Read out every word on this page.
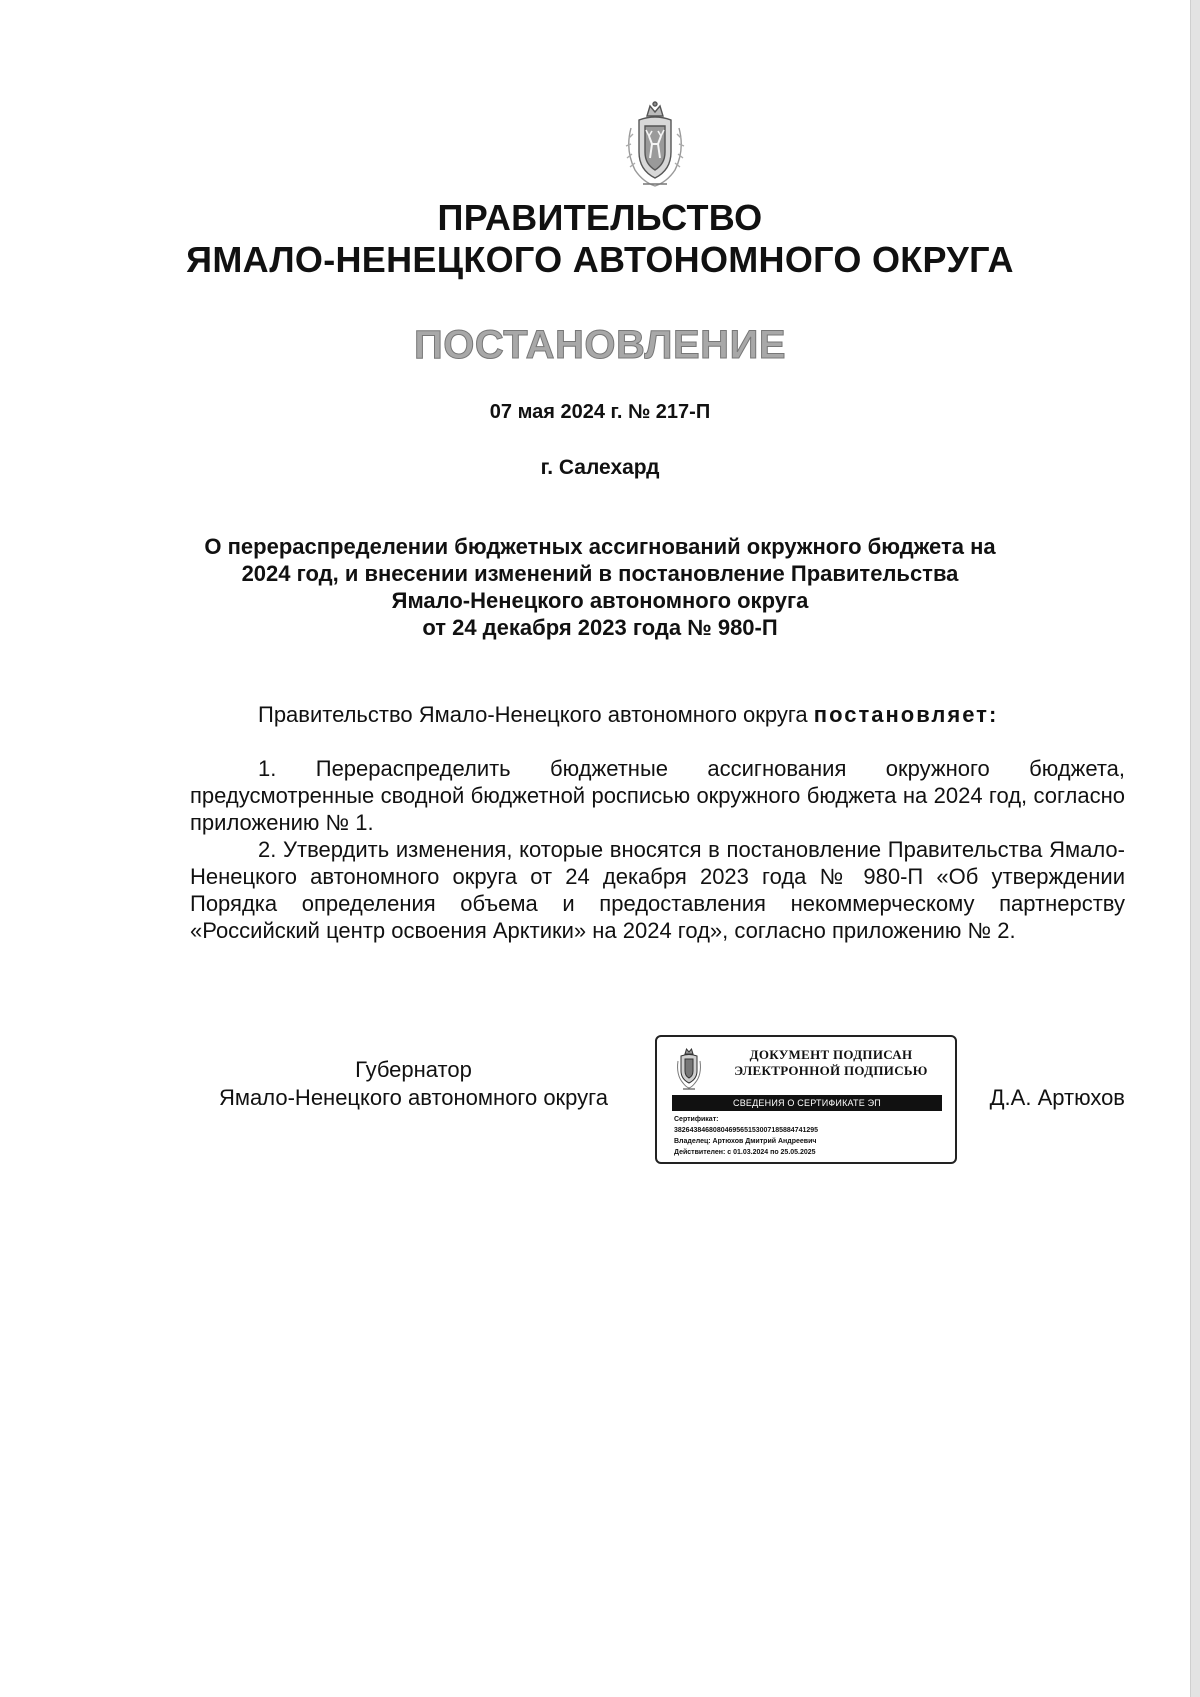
ПРАВИТЕЛЬСТВО
ЯМАЛО-НЕНЕЦКОГО АВТОНОМНОГО ОКРУГА
ПОСТАНОВЛЕНИЕ
07 мая 2024 г. № 217-П
г. Салехард
О перераспределении бюджетных ассигнований окружного бюджета на
2024 год, и внесении изменений в постановление Правительства
Ямало-Ненецкого автономного округа
от 24 декабря 2023 года № 980-П
Правительство Ямало-Ненецкого автономного округа постановляет:

1. Перераспределить бюджетные ассигнования окружного бюджета, предусмотренные сводной бюджетной росписью окружного бюджета на 2024 год, согласно приложению № 1.

2. Утвердить изменения, которые вносятся в постановление Правительства Ямало-Ненецкого автономного округа от 24 декабря 2023 года № 980-П «Об утверждении Порядка определения объема и предоставления некоммерческому партнерству «Российский центр освоения Арктики» на 2024 год», согласно приложению № 2.

Губернатор
Ямало-Ненецкого автономного округа
ДОКУМЕНТ ПОДПИСАН
ЭЛЕКТРОННОЙ ПОДПИСЬЮ
СВЕДЕНИЯ О СЕРТИФИКАТЕ ЭП
Сертификат:
3826438468080469565153007185884741295
Владелец: Артюхов Дмитрий Андреевич
Действителен: с 01.03.2024 по 25.05.2025
Д.А. Артюхов
